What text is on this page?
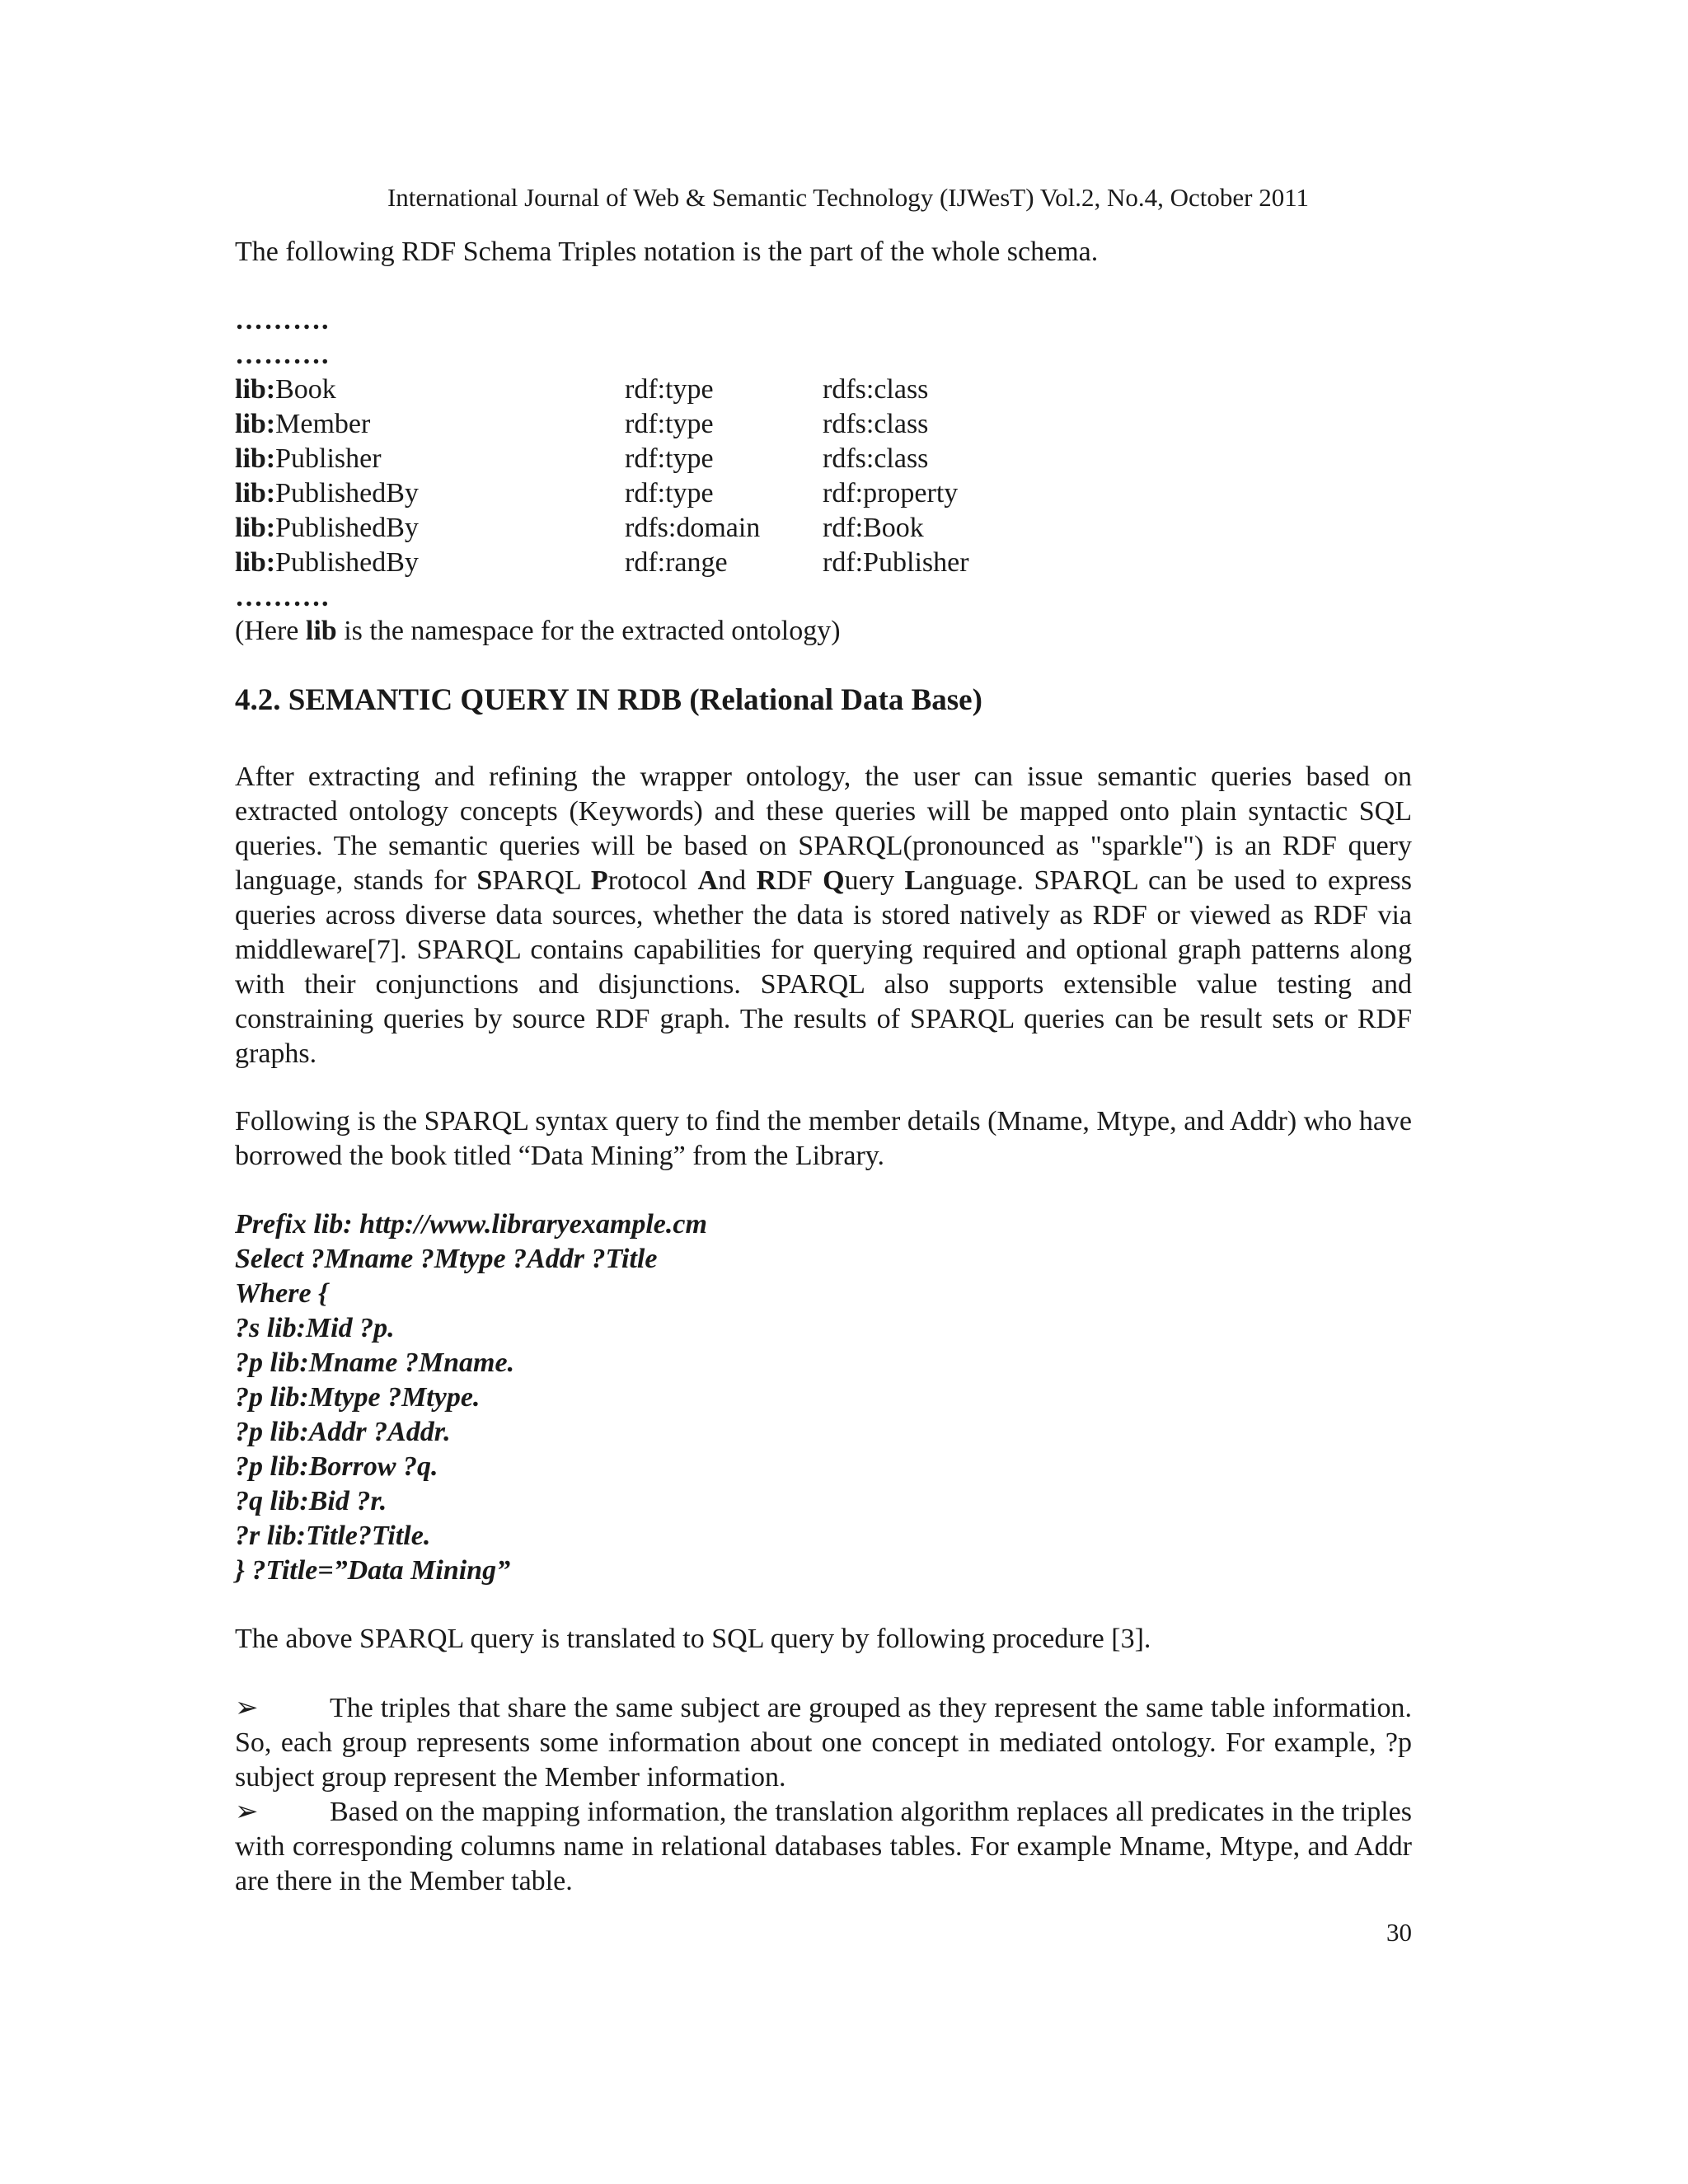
International Journal of Web & Semantic Technology (IJWesT) Vol.2, No.4, October 2011
The following RDF Schema Triples notation is the part of the whole schema.
……….
……….
lib:Book	rdf:type	rdfs:class
lib:Member	rdf:type	rdfs:class
lib:Publisher	rdf:type	rdfs:class
lib:PublishedBy	rdf:type	rdf:property
lib:PublishedBy	rdfs:domain	rdf:Book
lib:PublishedBy	rdf:range	rdf:Publisher
……….
(Here lib is the namespace for the extracted ontology)
4.2. SEMANTIC QUERY IN RDB (Relational Data Base)

After extracting and refining the wrapper ontology, the user can issue semantic queries based on extracted ontology concepts (Keywords) and these queries will be mapped onto plain syntactic SQL queries. The semantic queries will be based on SPARQL(pronounced as "sparkle") is an RDF query language, stands for SPARQL Protocol And RDF Query Language. SPARQL can be used to express queries across diverse data sources, whether the data is stored natively as RDF or viewed as RDF via middleware[7]. SPARQL contains capabilities for querying required and optional graph patterns along with their conjunctions and disjunctions. SPARQL also supports extensible value testing and constraining queries by source RDF graph. The results of SPARQL queries can be result sets or RDF graphs.

Following is the SPARQL syntax query to find the member details (Mname, Mtype, and Addr) who have borrowed the book titled “Data Mining” from the Library.

Prefix lib: http://www.libraryexample.cm
Select ?Mname ?Mtype ?Addr ?Title
Where {
?s lib:Mid ?p.
?p lib:Mname ?Mname.
?p lib:Mtype ?Mtype.
?p lib:Addr ?Addr.
?p lib:Borrow ?q.
?q lib:Bid ?r.
?r lib:Title?Title.
} ?Title=”Data Mining”
The above SPARQL query is translated to SQL query by following procedure [3].

➢	The triples that share the same subject are grouped as they represent the same table information. So, each group represents some information about one concept in mediated ontology. For example, ?p subject group represent the Member information.

➢	Based on the mapping information, the translation algorithm replaces all predicates in the triples with corresponding columns name in relational databases tables. For example Mname, Mtype, and Addr are there in the Member table.

30
